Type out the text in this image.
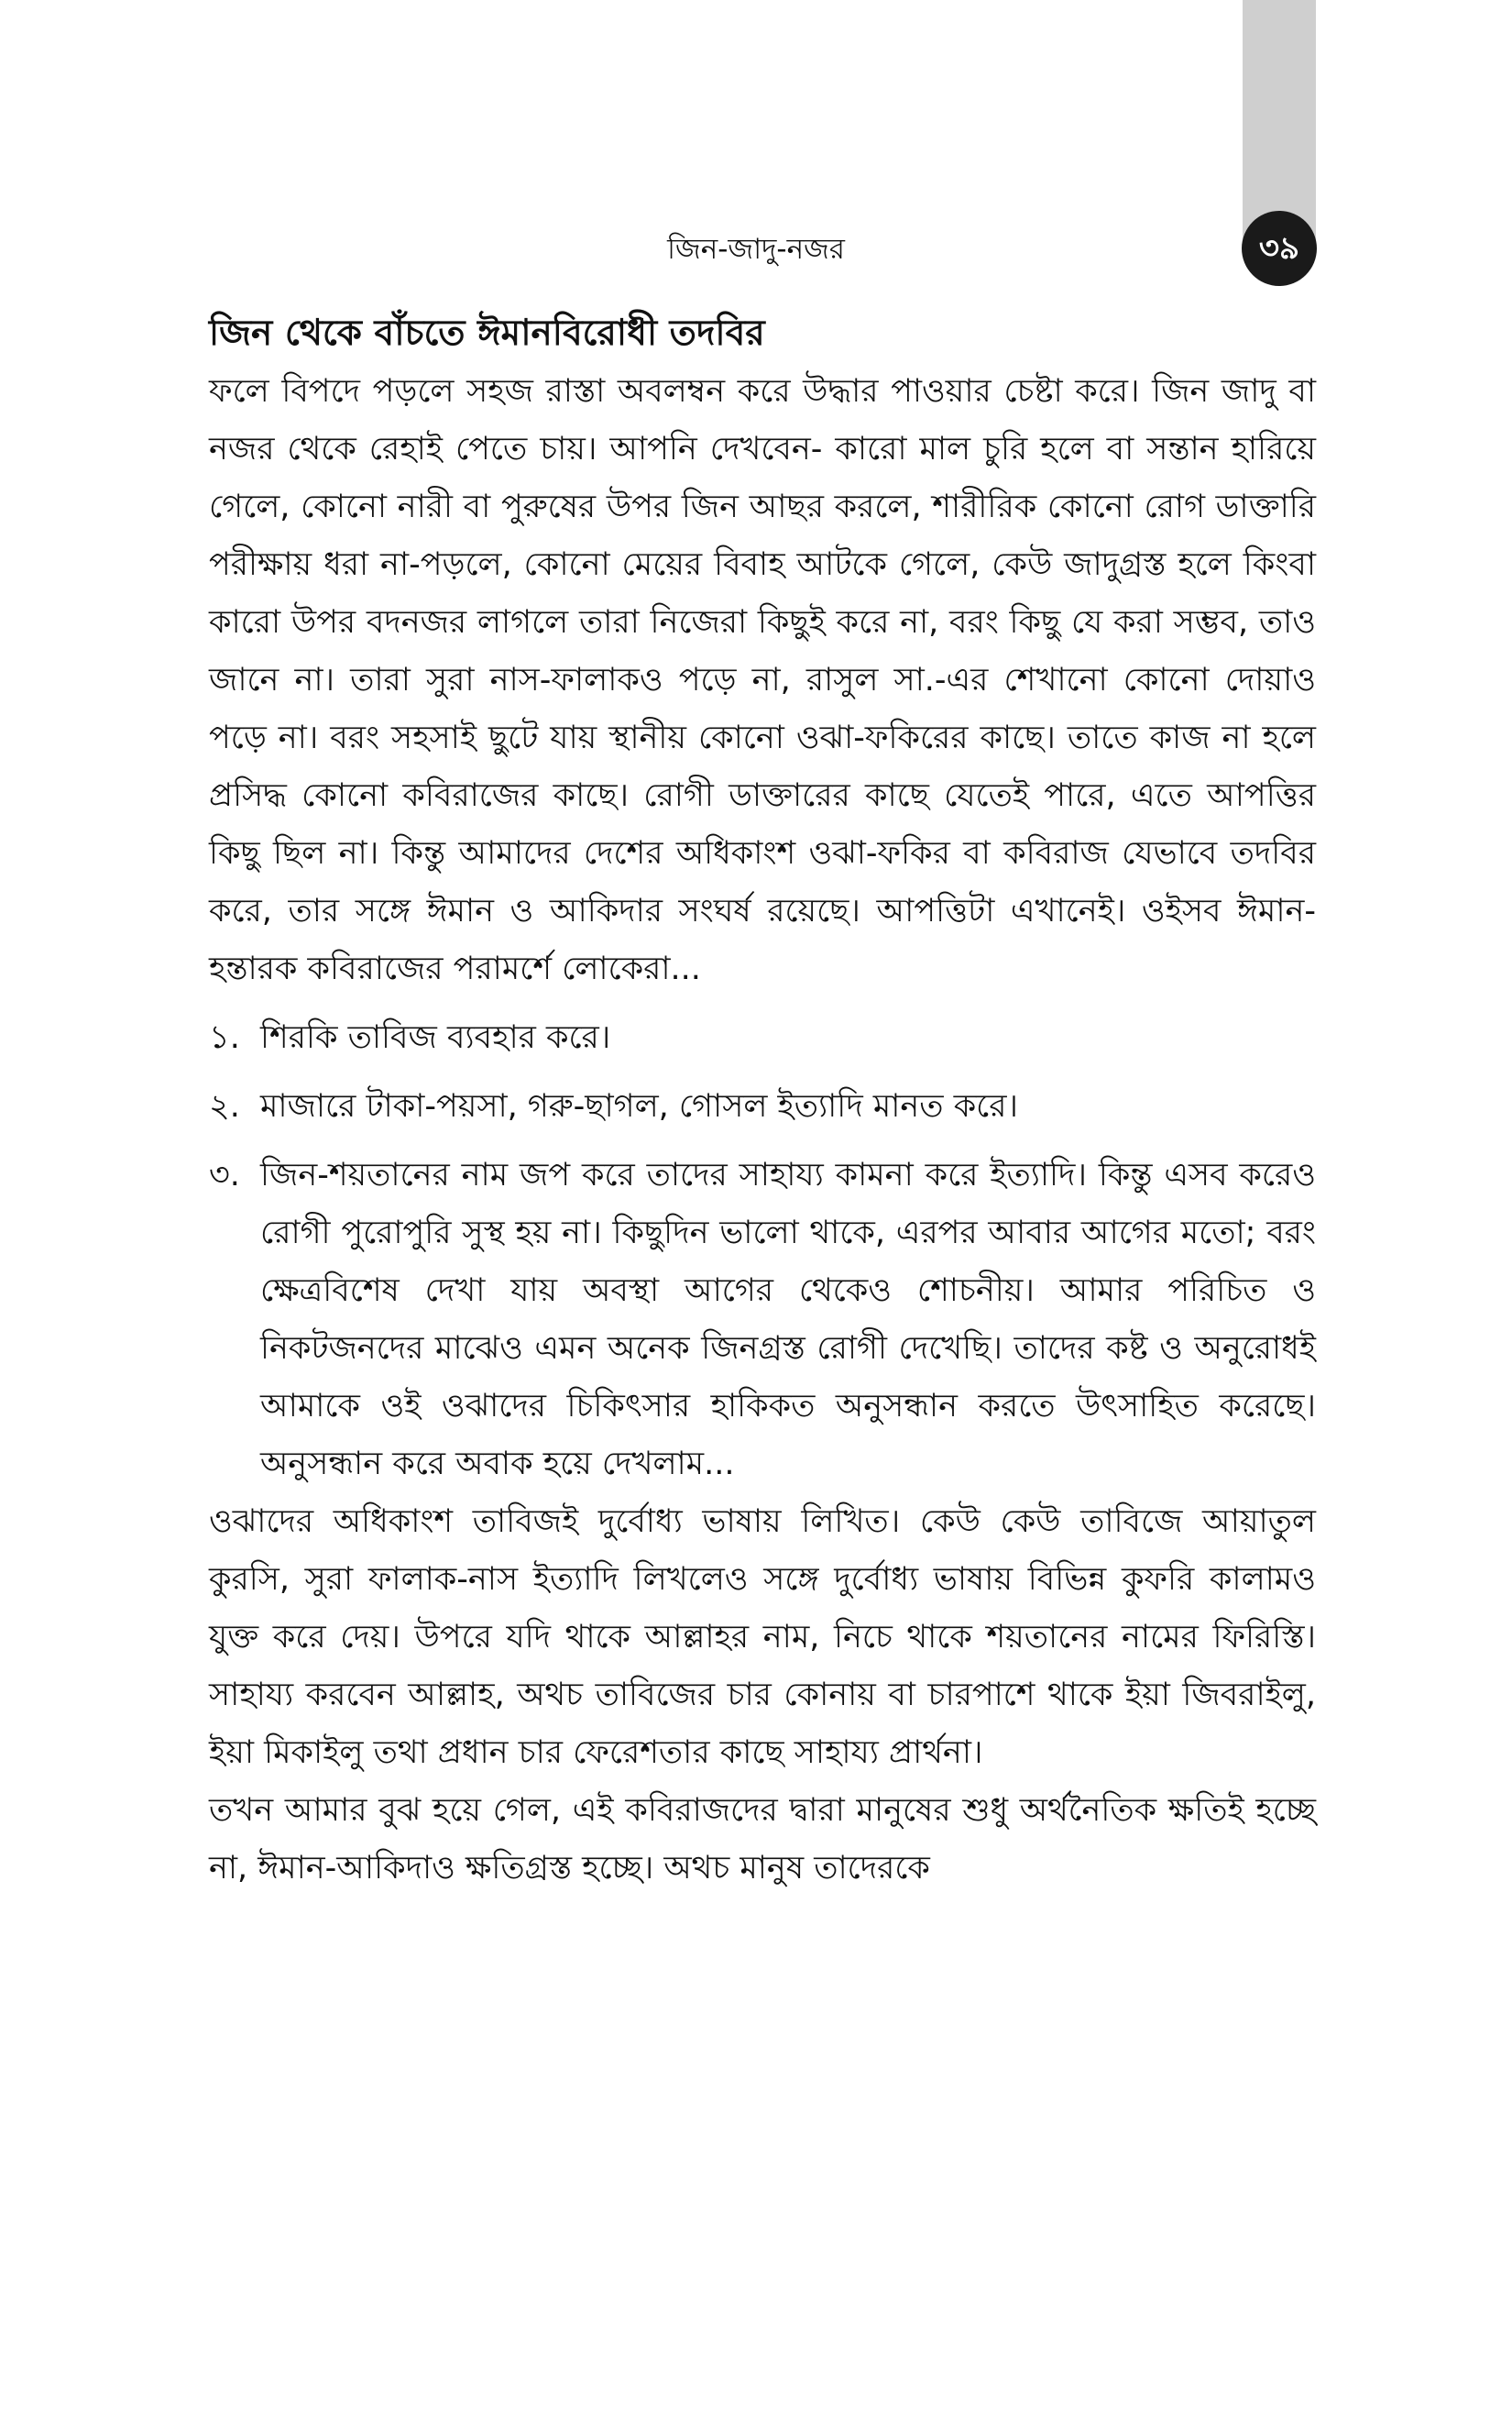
৩৯
জিন-জাদু-নজর
জিন থেকে বাঁচতে ঈমানবিরোধী তদবির

ফলে বিপদে পড়লে সহজ রাস্তা অবলম্বন করে উদ্ধার পাওয়ার চেষ্টা করে। জিন জাদু বা নজর থেকে রেহাই পেতে চায়। আপনি দেখবেন- কারো মাল চুরি হলে বা সন্তান হারিয়ে গেলে, কোনো নারী বা পুরুষের উপর জিন আছর করলে, শারীরিক কোনো রোগ ডাক্তারি পরীক্ষায় ধরা না-পড়লে, কোনো মেয়ের বিবাহ আটকে গেলে, কেউ জাদুগ্রস্ত হলে কিংবা কারো উপর বদনজর লাগলে তারা নিজেরা কিছুই করে না, বরং কিছু যে করা সম্ভব, তাও জানে না। তারা সুরা নাস-ফালাকও পড়ে না, রাসুল সা.-এর শেখানো কোনো দোয়াও পড়ে না। বরং সহসাই ছুটে যায় স্থানীয় কোনো ওঝা-ফকিরের কাছে। তাতে কাজ না হলে প্রসিদ্ধ কোনো কবিরাজের কাছে। রোগী ডাক্তারের কাছে যেতেই পারে, এতে আপত্তির কিছু ছিল না। কিন্তু আমাদের দেশের অধিকাংশ ওঝা-ফকির বা কবিরাজ যেভাবে তদবির করে, তার সঙ্গে ঈমান ও আকিদার সংঘর্ষ রয়েছে। আপত্তিটা এখানেই। ওইসব ঈমান-হন্তারক কবিরাজের পরামর্শে লোকেরা...

১. শিরকি তাবিজ ব্যবহার করে।
২. মাজারে টাকা-পয়সা, গরু-ছাগল, গোসল ইত্যাদি মানত করে।
৩. জিন-শয়তানের নাম জপ করে তাদের সাহায্য কামনা করে ইত্যাদি। কিন্তু এসব করেও রোগী পুরোপুরি সুস্থ হয় না। কিছুদিন ভালো থাকে, এরপর আবার আগের মতো; বরং ক্ষেত্রবিশেষ দেখা যায় অবস্থা আগের থেকেও শোচনীয়। আমার পরিচিত ও নিকটজনদের মাঝেও এমন অনেক জিনগ্রস্ত রোগী দেখেছি। তাদের কষ্ট ও অনুরোধই আমাকে ওই ওঝাদের চিকিৎসার হাকিকত অনুসন্ধান করতে উৎসাহিত করেছে। অনুসন্ধান করে অবাক হয়ে দেখলাম...

ওঝাদের অধিকাংশ তাবিজই দুর্বোধ্য ভাষায় লিখিত। কেউ কেউ তাবিজে আয়াতুল কুরসি, সুরা ফালাক-নাস ইত্যাদি লিখলেও সঙ্গে দুর্বোধ্য ভাষায় বিভিন্ন কুফরি কালামও যুক্ত করে দেয়। উপরে যদি থাকে আল্লাহর নাম, নিচে থাকে শয়তানের নামের ফিরিস্তি। সাহায্য করবেন আল্লাহ, অথচ তাবিজের চার কোনায় বা চারপাশে থাকে ইয়া জিবরাইলু, ইয়া মিকাইলু তথা প্রধান চার ফেরেশতার কাছে সাহায্য প্রার্থনা।

তখন আমার বুঝ হয়ে গেল, এই কবিরাজদের দ্বারা মানুষের শুধু অর্থনৈতিক ক্ষতিই হচ্ছে না, ঈমান-আকিদাও ক্ষতিগ্রস্ত হচ্ছে। অথচ মানুষ তাদেরকে
